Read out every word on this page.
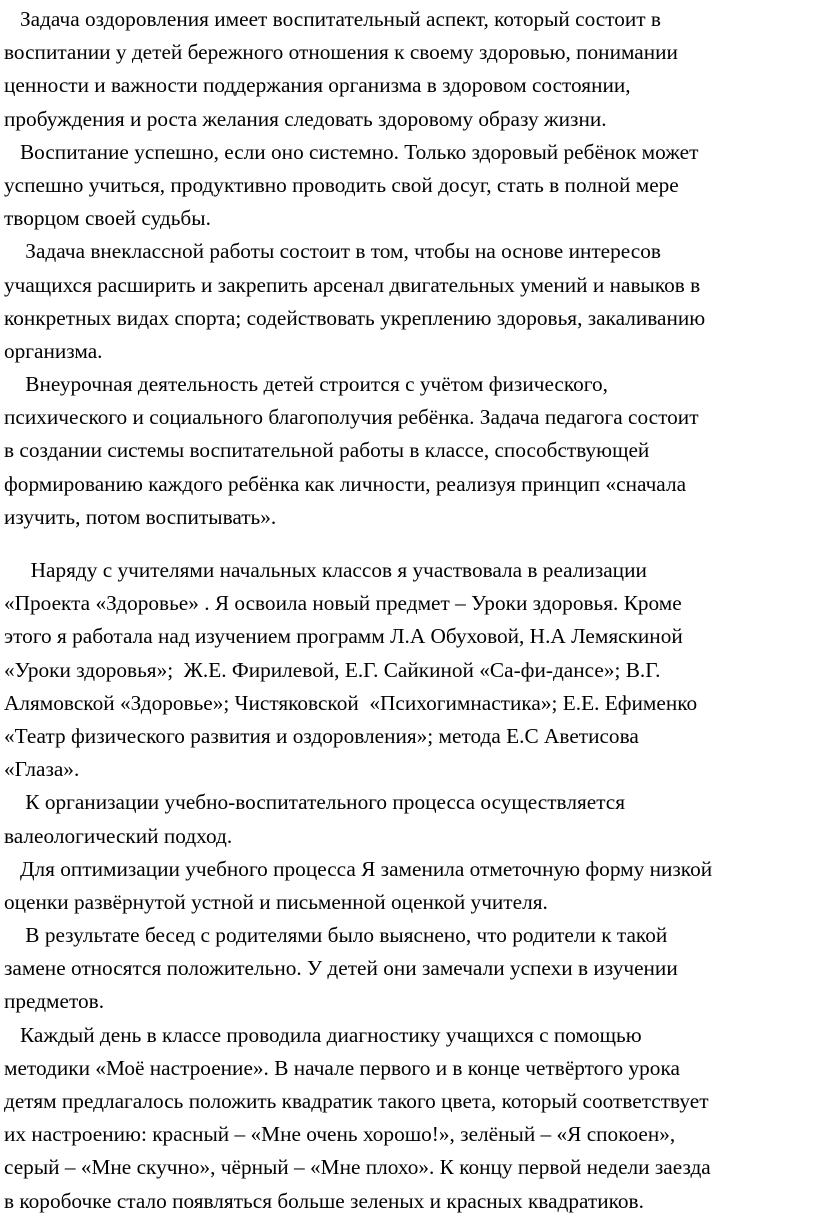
Задача оздоровления имеет воспитательный аспект, который состоит в
воспитании у детей бережного отношения к своему здоровью, понимании
ценности и важности поддержания организма в здоровом состоянии,
пробуждения и роста желания следовать здоровому образу жизни.
Воспитание успешно, если оно системно. Только здоровый ребёнок может
успешно учиться, продуктивно проводить свой досуг, стать в полной мере
творцом своей судьбы.
Задача внеклассной работы состоит в том, чтобы на основе интересов
учащихся расширить и закрепить арсенал двигательных умений и навыков в
конкретных видах спорта; содействовать укреплению здоровья, закаливанию
организма.
Внеурочная деятельность детей строится с учётом физического,
психического и социального благополучия ребёнка. Задача педагога состоит
в создании системы воспитательной работы в классе, способствующей
формированию каждого ребёнка как личности, реализуя принцип «сначала
изучить, потом воспитывать».
Наряду с учителями начальных классов я участвовала в реализации
«Проекта «Здоровье» . Я освоила новый предмет – Уроки здоровья. Кроме
этого я работала над изучением программ Л.А Обуховой, Н.А Лемяскиной
«Уроки здоровья»;  Ж.Е. Фирилевой, Е.Г. Сайкиной «Са-фи-дансе»; В.Г.
Алямовской «Здоровье»; Чистяковской  «Психогимнастика»; Е.Е. Ефименко
«Театр физического развития и оздоровления»; метода Е.С Аветисова
«Глаза».
К организации учебно-воспитательного процесса осуществляется
валеологический подход.
Для оптимизации учебного процесса Я заменила отметочную форму низкой
оценки развёрнутой устной и письменной оценкой учителя.
В результате бесед с родителями было выяснено, что родители к такой
замене относятся положительно. У детей они замечали успехи в изучении
предметов.
Каждый день в классе проводила диагностику учащихся с помощью
методики «Моё настроение». В начале первого и в конце четвёртого урока
детям предлагалось положить квадратик такого цвета, который соответствует
их настроению: красный – «Мне очень хорошо!», зелёный – «Я спокоен»,
серый – «Мне скучно», чёрный – «Мне плохо». К концу первой недели заезда
в коробочке стало появляться больше зеленых и красных квадратиков.
